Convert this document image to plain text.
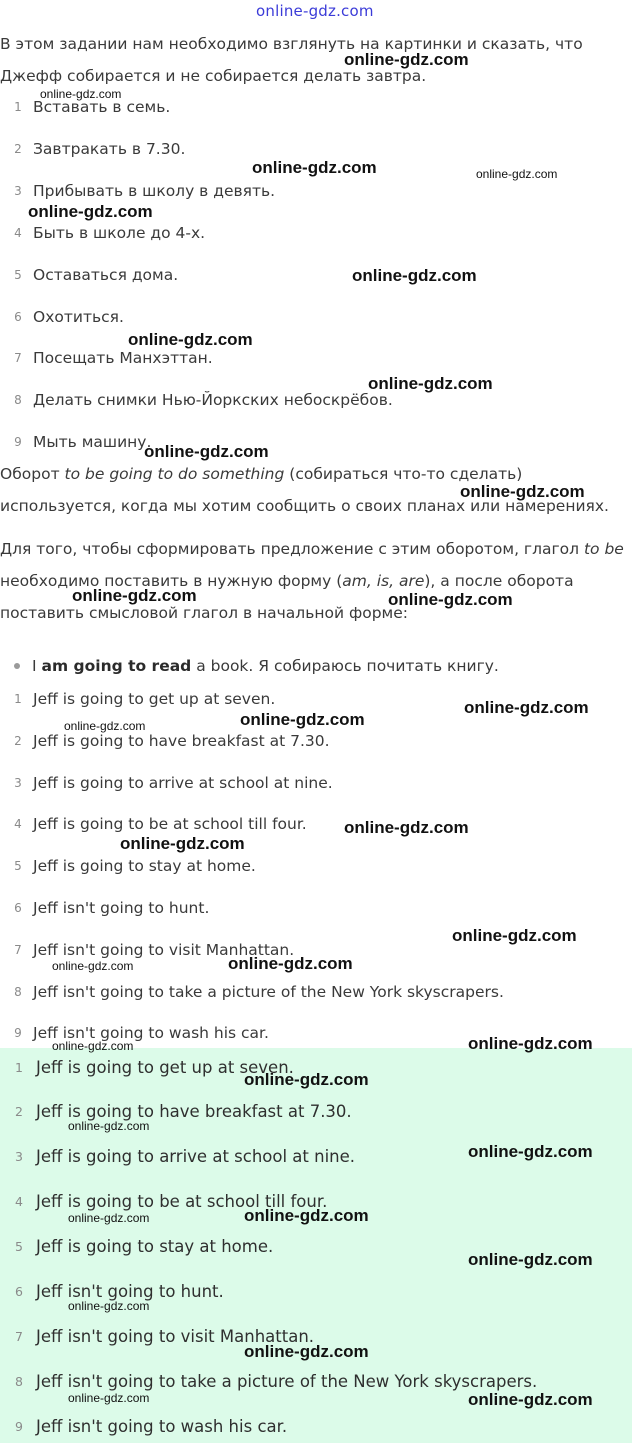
online-gdz.com
В этом задании нам необходимо взглянуть на картинки и сказать, что Джефф собирается и не собирается делать завтра.
1 Вставать в семь.
2 Завтракать в 7.30.
3 Прибывать в школу в девять.
4 Быть в школе до 4-х.
5 Оставаться дома.
6 Охотиться.
7 Посещать Манхэттан.
8 Делать снимки Нью-Йоркских небоскрёбов.
9 Мыть машину.
Оборот to be going to do something (собираться что-то сделать) используется, когда мы хотим сообщить о своих планах или намерениях.
Для того, чтобы сформировать предложение с этим оборотом, глагол to be необходимо поставить в нужную форму (am, is, are), а после оборота поставить смысловой глагол в начальной форме:
I am going to read a book. Я собираюсь почитать книгу.
1 Jeff is going to get up at seven.
2 Jeff is going to have breakfast at 7.30.
3 Jeff is going to arrive at school at nine.
4 Jeff is going to be at school till four.
5 Jeff is going to stay at home.
6 Jeff isn't going to hunt.
7 Jeff isn't going to visit Manhattan.
8 Jeff isn't going to take a picture of the New York skyscrapers.
9 Jeff isn't going to wash his car.
1 Jeff is going to get up at seven.
2 Jeff is going to have breakfast at 7.30.
3 Jeff is going to arrive at school at nine.
4 Jeff is going to be at school till four.
5 Jeff is going to stay at home.
6 Jeff isn't going to hunt.
7 Jeff isn't going to visit Manhattan.
8 Jeff isn't going to take a picture of the New York skyscrapers.
9 Jeff isn't going to wash his car.
online-gdz.com
online-gdz.com
online-gdz.com	online-gdz.com
online-gdz.com
online-gdz.com
online-gdz.com
online-gdz.com
online-gdz.com
online-gdz.com
online-gdz.com	online-gdz.com
online-gdz.com
online-gdz.com	online-gdz.com
online-gdz.com
online-gdz.com
online-gdz.com
online-gdz.com
online-gdz.com
online-gdz.com
online-gdz.com
online-gdz.com
online-gdz.com
online-gdz.com
online-gdz.com
online-gdz.com
online-gdz.com
online-gdz.com
online-gdz.com
online-gdz.com
online-gdz.com
